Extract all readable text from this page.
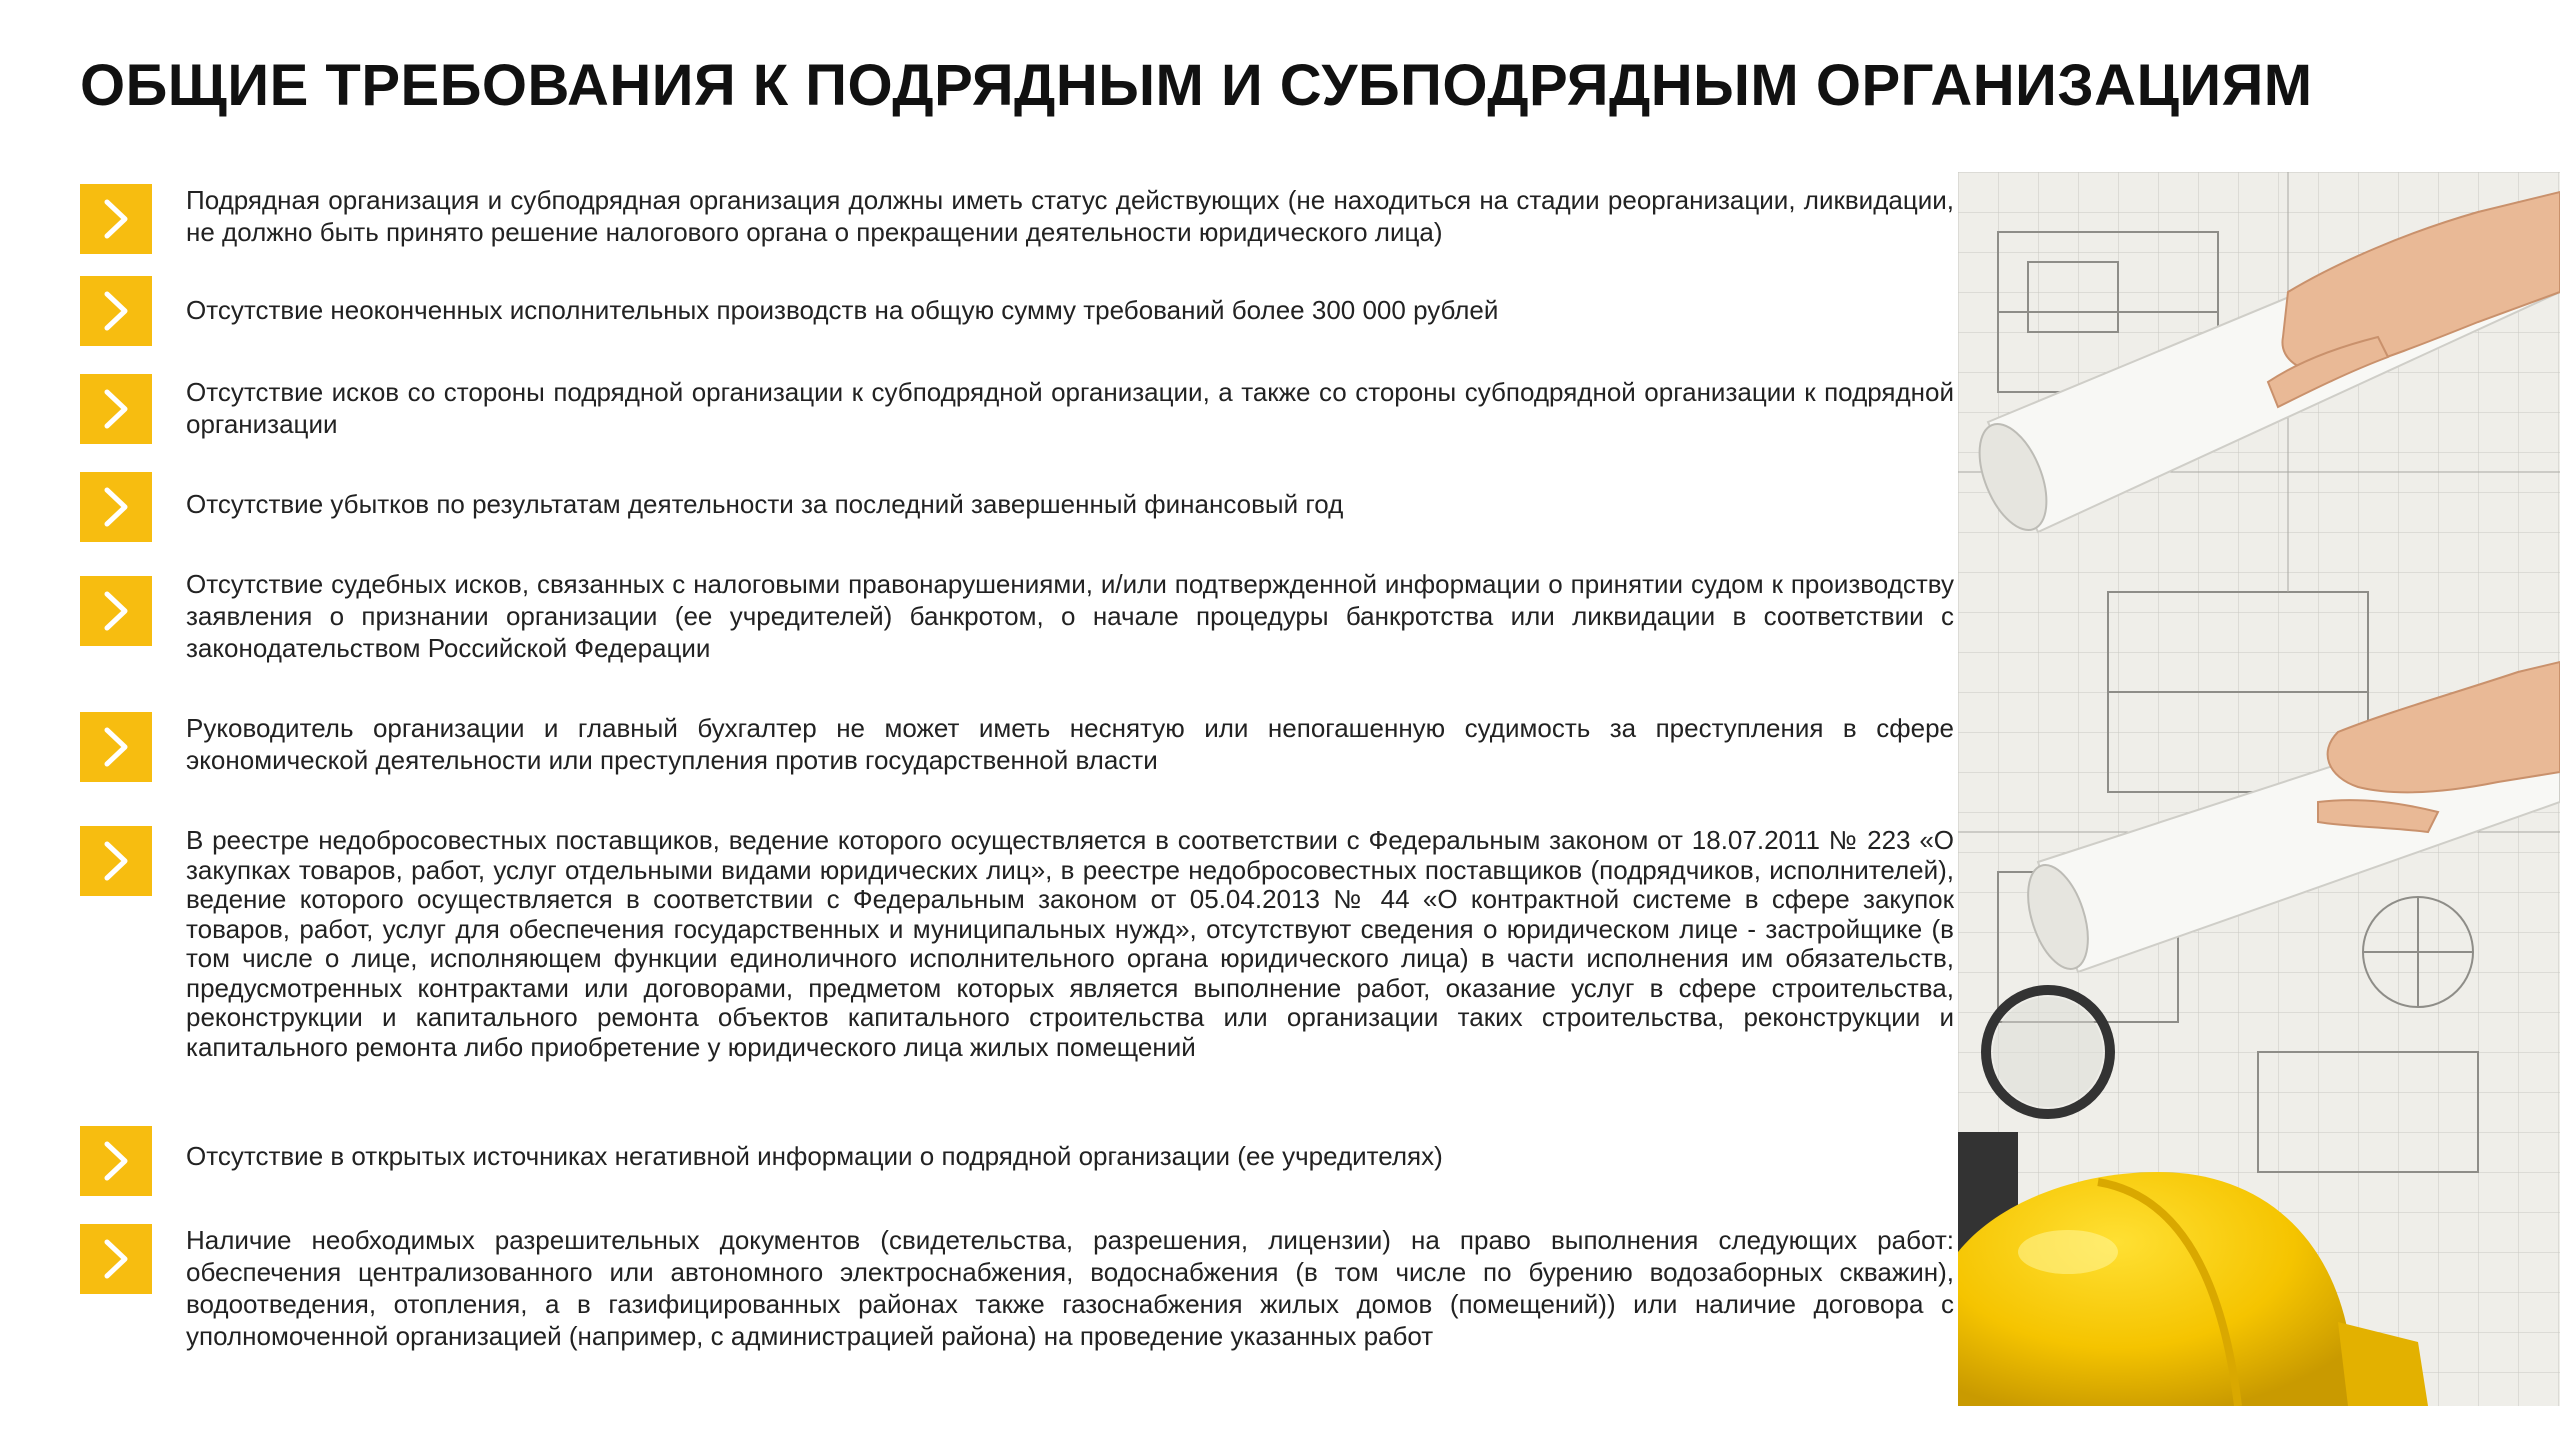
ОБЩИЕ ТРЕБОВАНИЯ К ПОДРЯДНЫМ И СУБПОДРЯДНЫМ ОРГАНИЗАЦИЯМ
Подрядная организация и субподрядная организация должны иметь статус действующих (не находиться на стадии реорганизации, ликвидации, не должно быть принято решение налогового органа о прекращении деятельности юридического лица)
Отсутствие неоконченных исполнительных производств на общую сумму требований более 300 000 рублей
Отсутствие исков со стороны подрядной организации к субподрядной организации, а также со стороны субподрядной организации к подрядной организации
Отсутствие убытков по результатам деятельности за последний завершенный финансовый год
Отсутствие судебных исков, связанных с налоговыми правонарушениями, и/или подтвержденной информации о принятии судом к производству заявления о признании организации (ее учредителей) банкротом, о начале процедуры банкротства или ликвидации в соответствии с законодательством Российской Федерации
Руководитель организации и главный бухгалтер не может иметь неснятую или непогашенную судимость за преступления в сфере экономической деятельности или преступления против государственной власти
В реестре недобросовестных поставщиков, ведение которого осуществляется в соответствии с Федеральным законом от 18.07.2011 № 223 «О закупках товаров, работ, услуг отдельными видами юридических лиц», в реестре недобросовестных поставщиков (подрядчиков, исполнителей), ведение которого осуществляется в соответствии с Федеральным законом от 05.04.2013 № 44 «О контрактной системе в сфере закупок товаров, работ, услуг для обеспечения государственных и муниципальных нужд», отсутствуют сведения о юридическом лице - застройщике (в том числе о лице, исполняющем функции единоличного исполнительного органа юридического лица) в части исполнения им обязательств, предусмотренных контрактами или договорами, предметом которых является выполнение работ, оказание услуг в сфере строительства, реконструкции и капитального ремонта объектов капитального строительства или организации таких строительства, реконструкции и капитального ремонта либо приобретение у юридического лица жилых помещений
Отсутствие в открытых источниках негативной информации о подрядной организации (ее учредителях)
Наличие необходимых разрешительных документов (свидетельства, разрешения, лицензии) на право выполнения следующих работ: обеспечения централизованного или автономного электроснабжения, водоснабжения (в том числе по бурению водозаборных скважин), водоотведения, отопления, а в газифицированных районах также газоснабжения жилых домов (помещений)) или наличие договора с уполномоченной организацией (например, с администрацией района) на проведение указанных работ
